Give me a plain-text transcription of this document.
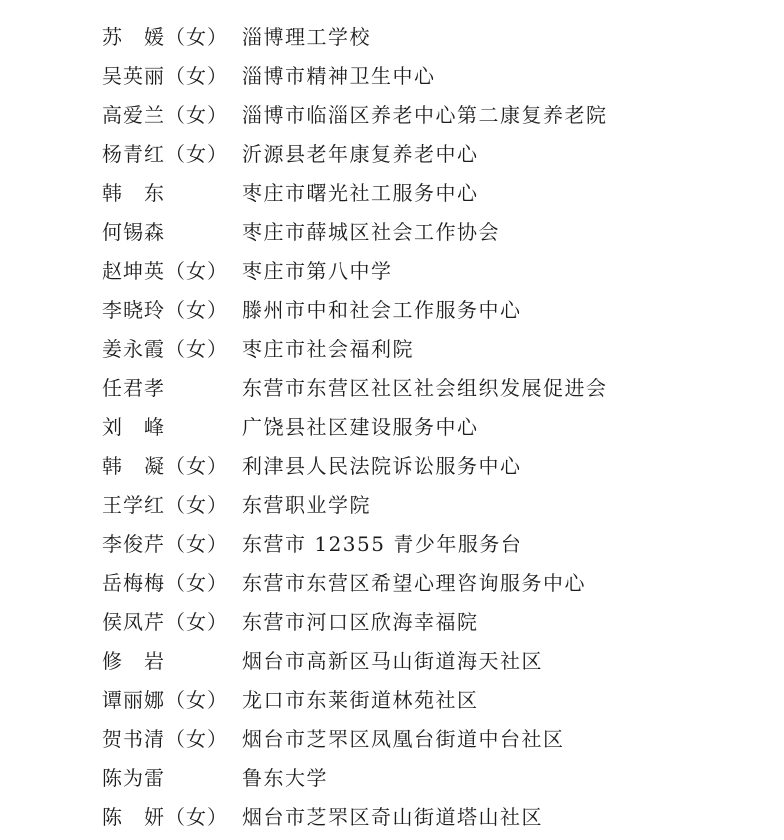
苏　媛（女） 淄博理工学校
吴英丽（女） 淄博市精神卫生中心
高爱兰（女） 淄博市临淄区养老中心第二康复养老院
杨青红（女） 沂源县老年康复养老中心
韩　东	枣庄市曙光社工服务中心
何锡森	枣庄市薛城区社会工作协会
赵坤英（女） 枣庄市第八中学
李晓玲（女） 滕州市中和社会工作服务中心
姜永霞（女） 枣庄市社会福利院
任君孝	东营市东营区社区社会组织发展促进会
刘　峰	广饶县社区建设服务中心
韩　凝（女） 利津县人民法院诉讼服务中心
王学红（女） 东营职业学院
李俊芹（女） 东营市 12355 青少年服务台
岳梅梅（女） 东营市东营区希望心理咨询服务中心
侯凤芹（女） 东营市河口区欣海幸福院
修　岩	烟台市高新区马山街道海天社区
谭丽娜（女） 龙口市东莱街道林苑社区
贺书清（女） 烟台市芝罘区凤凰台街道中台社区
陈为雷	鲁东大学
陈　妍（女） 烟台市芝罘区奇山街道塔山社区
